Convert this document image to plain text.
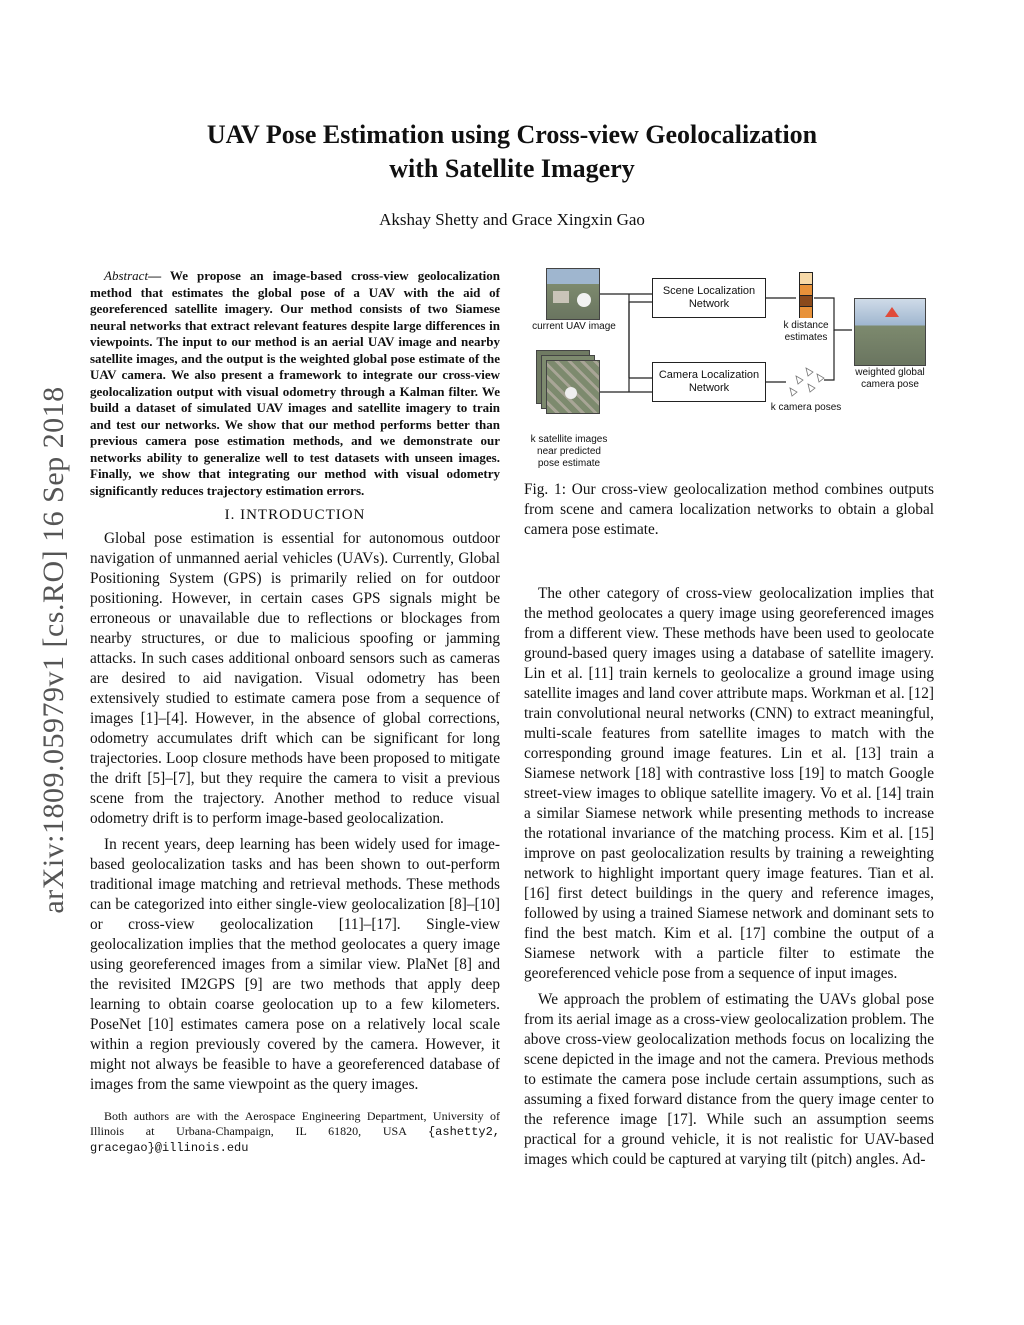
UAV Pose Estimation using Cross-view Geolocalization
with Satellite Imagery
Akshay Shetty and Grace Xingxin Gao
arXiv:1809.05979v1 [cs.RO] 16 Sep 2018

Abstract— We propose an image-based cross-view geolocalization method that estimates the global pose of a UAV with the aid of georeferenced satellite imagery. Our method consists of two Siamese neural networks that extract relevant features despite large differences in viewpoints. The input to our method is an aerial UAV image and nearby satellite images, and the output is the weighted global pose estimate of the UAV camera. We also present a framework to integrate our cross-view geolocalization output with visual odometry through a Kalman filter. We build a dataset of simulated UAV images and satellite imagery to train and test our networks. We show that our method performs better than previous camera pose estimation methods, and we demonstrate our networks ability to generalize well to test datasets with unseen images. Finally, we show that integrating our method with visual odometry significantly reduces trajectory estimation errors.

I. INTRODUCTION

Global pose estimation is essential for autonomous outdoor navigation of unmanned aerial vehicles (UAVs). Currently, Global Positioning System (GPS) is primarily relied on for outdoor positioning. However, in certain cases GPS signals might be erroneous or unavailable due to reflections or blockages from nearby structures, or due to malicious spoofing or jamming attacks. In such cases additional onboard sensors such as cameras are desired to aid navigation. Visual odometry has been extensively studied to estimate camera pose from a sequence of images [1]–[4]. However, in the absence of global corrections, odometry accumulates drift which can be significant for long trajectories. Loop closure methods have been proposed to mitigate the drift [5]–[7], but they require the camera to visit a previous scene from the trajectory. Another method to reduce visual odometry drift is to perform image-based geolocalization.

In recent years, deep learning has been widely used for image-based geolocalization tasks and has been shown to out-perform traditional image matching and retrieval methods. These methods can be categorized into either single-view geolocalization [8]–[10] or cross-view geolocalization [11]–[17]. Single-view geolocalization implies that the method geolocates a query image using georeferenced images from a similar view. PlaNet [8] and the revisited IM2GPS [9] are two methods that apply deep learning to obtain coarse geolocation up to a few kilometers. PoseNet [10] estimates camera pose on a relatively local scale within a region previously covered by the camera. However, it might not always be feasible to have a georeferenced database of images from the same viewpoint as the query images.

Both authors are with the Aerospace Engineering Department, University of Illinois at Urbana-Champaign, IL 61820, USA {ashetty2, gracegao}@illinois.edu
current UAV image
k satellite images near predicted pose estimate
Scene Localization Network
Camera Localization Network
k distance estimates
k camera poses
weighted global camera pose
Fig. 1: Our cross-view geolocalization method combines outputs from scene and camera localization networks to obtain a global camera pose estimate.

The other category of cross-view geolocalization implies that the method geolocates a query image using georeferenced images from a different view. These methods have been used to geolocate ground-based query images using a database of satellite imagery. Lin et al. [11] train kernels to geolocalize a ground image using satellite images and land cover attribute maps. Workman et al. [12] train convolutional neural networks (CNN) to extract meaningful, multi-scale features from satellite images to match with the corresponding ground image features. Lin et al. [13] train a Siamese network [18] with contrastive loss [19] to match Google street-view images to oblique satellite imagery. Vo et al. [14] train a similar Siamese network while presenting methods to increase the rotational invariance of the matching process. Kim et al. [15] improve on past geolocalization results by training a reweighting network to highlight important query image features. Tian et al. [16] first detect buildings in the query and reference images, followed by using a trained Siamese network and dominant sets to find the best match. Kim et al. [17] combine the output of a Siamese network with a particle filter to estimate the georeferenced vehicle pose from a sequence of input images.

We approach the problem of estimating the UAVs global pose from its aerial image as a cross-view geolocalization problem. The above cross-view geolocalization methods focus on localizing the scene depicted in the image and not the camera. Previous methods to estimate the camera pose include certain assumptions, such as assuming a fixed forward distance from the query image center to the reference image [17]. While such an assumption seems practical for a ground vehicle, it is not realistic for UAV-based images which could be captured at varying tilt (pitch) angles. Ad-
